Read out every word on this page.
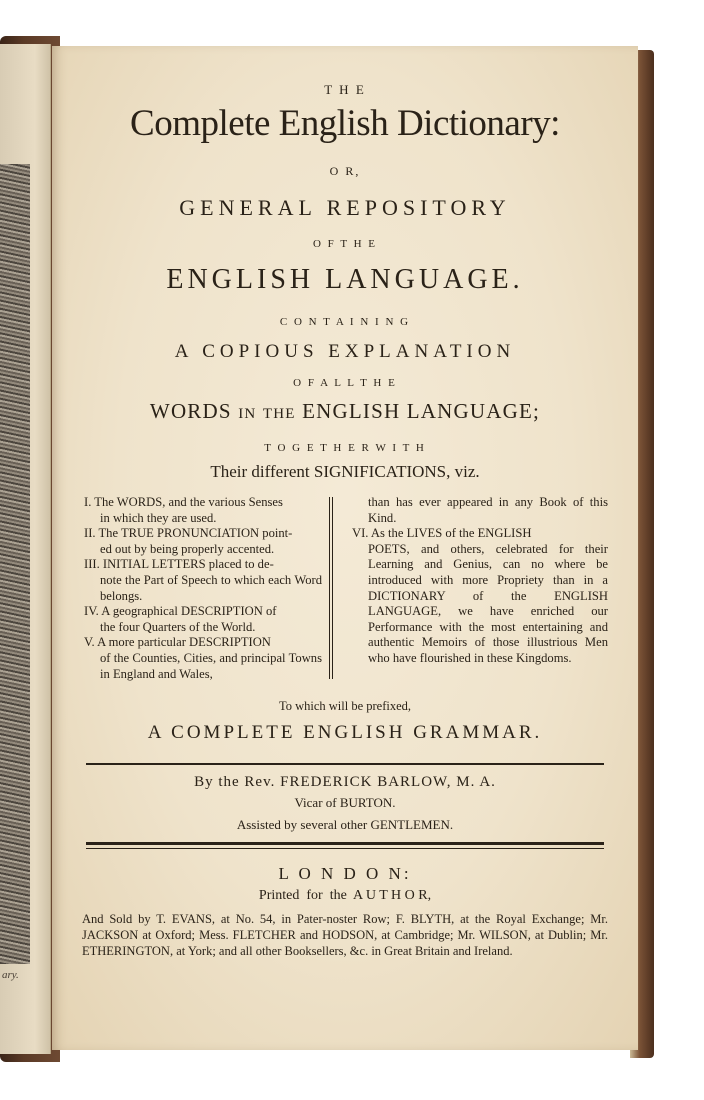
ary.
T H E
Complete English Dictionary:
O R,
GENERAL REPOSITORY
O F T H E
ENGLISH LANGUAGE.
C O N T A I N I N G
A COPIOUS EXPLANATION
O F A L L T H E
WORDS in the ENGLISH LANGUAGE;
T O G E T H E R W I T H
Their different SIGNIFICATIONS, viz.

I. The WORDS, and the various Senses
in which they are used.

II. The TRUE PRONUNCIATION point-
ed out by being properly accented.

III. INITIAL LETTERS placed to de-
note the Part of Speech to which each Word belongs.

IV. A geographical DESCRIPTION of
the four Quarters of the World.

V. A more particular DESCRIPTION
of the Counties, Cities, and principal Towns in England and Wales,

than has ever appeared in any Book of this Kind.

VI. As the LIVES of the ENGLISH
POETS, and others, celebrated for their Learning and Genius, can no where be introduced with more Propriety than in a DICTIONARY of the ENGLISH LANGUAGE, we have enriched our Performance with the most entertaining and authentic Memoirs of those illustrious Men who have flourished in these Kingdoms.

To which will be prefixed,
A COMPLETE ENGLISH GRAMMAR.
By the Rev. FREDERICK BARLOW, M. A.
Vicar of BURTON.
Assisted by several other GENTLEMEN.
L O N D O N:
Printed  for  the  A U T H O R,
And Sold by T. EVANS, at No. 54, in Pater-noster Row; F. BLYTH, at the Royal Exchange; Mr. JACKSON at Oxford; Mess. FLETCHER and HODSON, at Cambridge; Mr. WILSON, at Dublin; Mr. ETHERINGTON, at York; and all other Booksellers, &c. in Great Britain and Ireland.
